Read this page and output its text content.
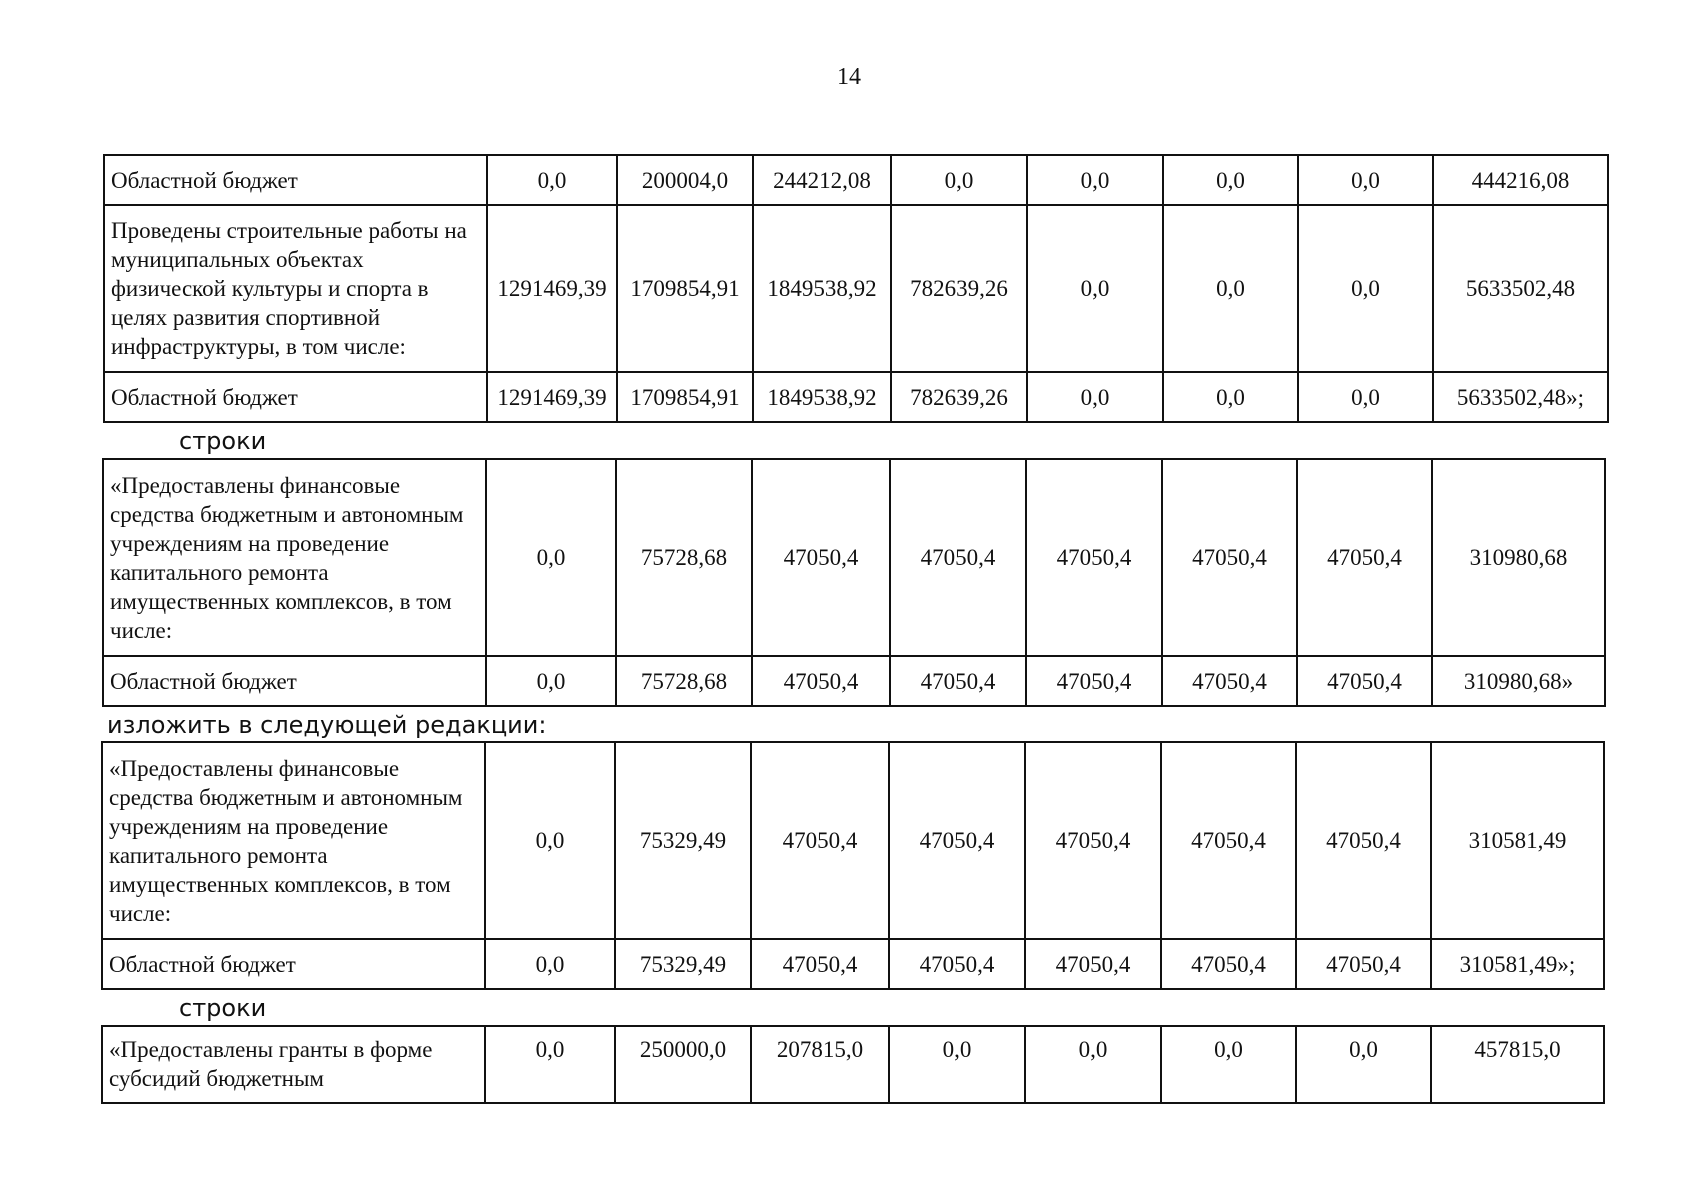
14
Областной бюджет	0,0	200004,0	244212,08	0,0	0,0	0,0	0,0	444216,08
Проведены строительные работы на муниципальных объектах физической культуры и спорта в целях развития спортивной инфраструктуры, в том числе:	1291469,39	1709854,91	1849538,92	782639,26	0,0	0,0	0,0	5633502,48
Областной бюджет	1291469,39	1709854,91	1849538,92	782639,26	0,0	0,0	0,0	5633502,48»;
строки
«Предоставлены финансовые средства бюджетным и автономным учреждениям на проведение капитального ремонта имущественных комплексов, в том числе:	0,0	75728,68	47050,4	47050,4	47050,4	47050,4	47050,4	310980,68
Областной бюджет	0,0	75728,68	47050,4	47050,4	47050,4	47050,4	47050,4	310980,68»
изложить в следующей редакции:
«Предоставлены финансовые средства бюджетным и автономным учреждениям на проведение капитального ремонта имущественных комплексов, в том числе:	0,0	75329,49	47050,4	47050,4	47050,4	47050,4	47050,4	310581,49
Областной бюджет	0,0	75329,49	47050,4	47050,4	47050,4	47050,4	47050,4	310581,49»;
строки
«Предоставлены гранты в форме субсидий бюджетным	0,0	250000,0	207815,0	0,0	0,0	0,0	0,0	457815,0
